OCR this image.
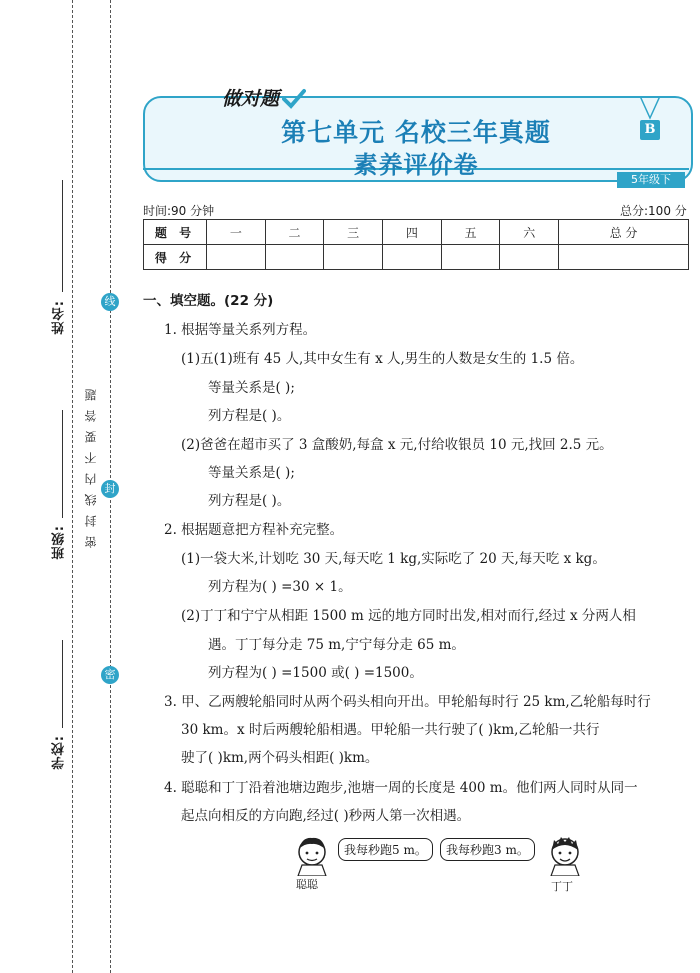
姓名:
班级:
学校:
密封线内不要答题
线
封
密
做对题
第七单元 名校三年真题
素养评价卷
B
5年级下
时间:90 分钟	总分:100 分
题 号	一	二	三	四	五	六	总 分
得 分							
一、填空题。(22 分)
1. 根据等量关系列方程。
(1)五(1)班有 45 人,其中女生有 x 人,男生的人数是女生的 1.5 倍。
等量关系是( );
列方程是( )。
(2)爸爸在超市买了 3 盒酸奶,每盒 x 元,付给收银员 10 元,找回 2.5 元。
等量关系是( );
列方程是( )。
2. 根据题意把方程补充完整。
(1)一袋大米,计划吃 30 天,每天吃 1 kg,实际吃了 20 天,每天吃 x kg。
列方程为( ) =30 × 1。
(2)丁丁和宁宁从相距 1500 m 远的地方同时出发,相对而行,经过 x 分两人相
遇。丁丁每分走 75 m,宁宁每分走 65 m。
列方程为( ) =1500 或( ) =1500。
3. 甲、乙两艘轮船同时从两个码头相向开出。甲轮船每时行 25 km,乙轮船每时行
30 km。x 时后两艘轮船相遇。甲轮船一共行驶了( )km,乙轮船一共行
驶了( )km,两个码头相距( )km。
4. 聪聪和丁丁沿着池塘边跑步,池塘一周的长度是 400 m。他们两人同时从同一
起点向相反的方向跑,经过( )秒两人第一次相遇。
聪聪
我每秒跑5 m。	我每秒跑3 m。
丁丁
